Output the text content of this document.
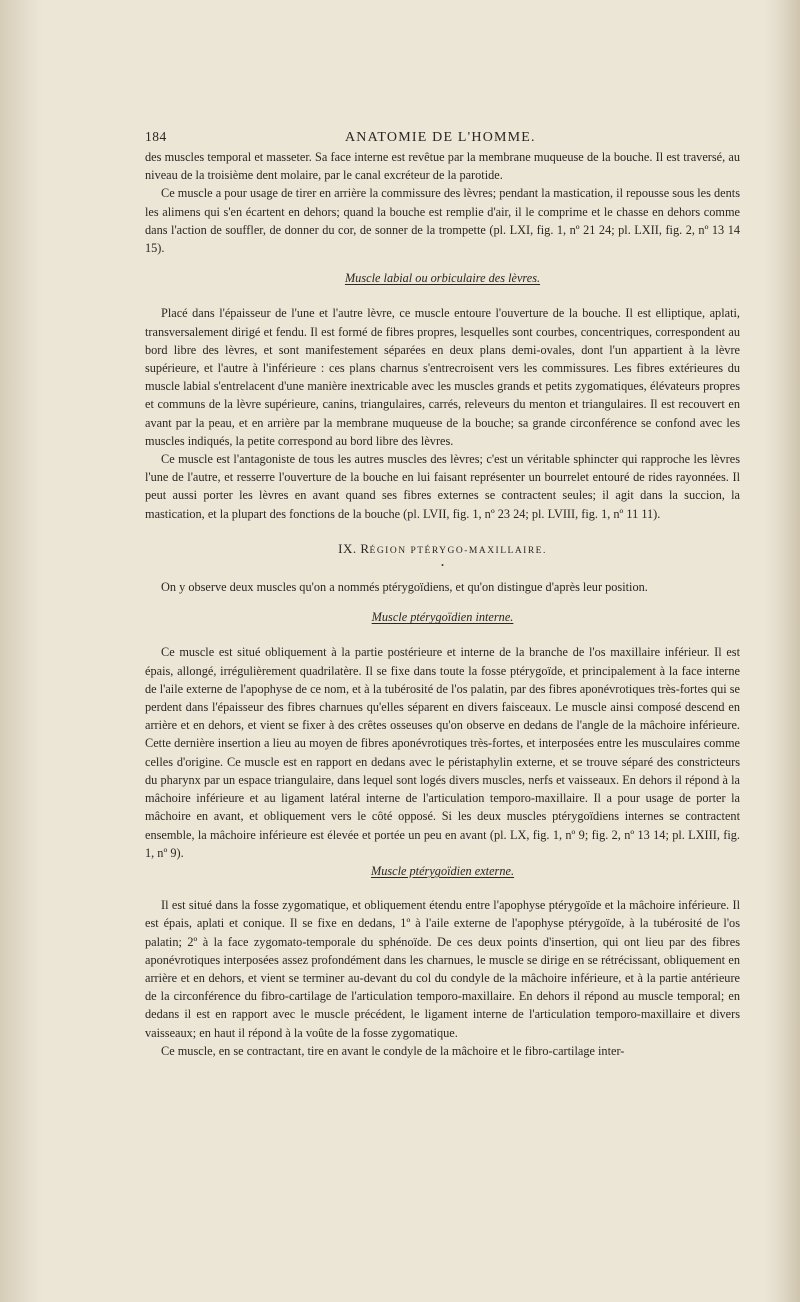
184	ANATOMIE DE L'HOMME.

des muscles temporal et masseter. Sa face interne est revêtue par la membrane muqueuse de la bouche. Il est traversé, au niveau de la troisième dent molaire, par le canal excréteur de la parotide.

Ce muscle a pour usage de tirer en arrière la commissure des lèvres; pendant la mastication, il repousse sous les dents les alimens qui s'en écartent en dehors; quand la bouche est remplie d'air, il le comprime et le chasse en dehors comme dans l'action de souffler, de donner du cor, de sonner de la trompette (pl. LXI, fig. 1, nº 21 24; pl. LXII, fig. 2, nº 13 14 15).

Muscle labial ou orbiculaire des lèvres.

Placé dans l'épaisseur de l'une et l'autre lèvre, ce muscle entoure l'ouverture de la bouche. Il est elliptique, aplati, transversalement dirigé et fendu. Il est formé de fibres propres, lesquelles sont courbes, concentriques, correspondent au bord libre des lèvres, et sont manifestement séparées en deux plans demi-ovales, dont l'un appartient à la lèvre supérieure, et l'autre à l'inférieure : ces plans charnus s'entrecroisent vers les commissures. Les fibres extérieures du muscle labial s'entrelacent d'une manière inextricable avec les muscles grands et petits zygomatiques, élévateurs propres et communs de la lèvre supérieure, canins, triangulaires, carrés, releveurs du menton et triangulaires. Il est recouvert en avant par la peau, et en arrière par la membrane muqueuse de la bouche; sa grande circonférence se confond avec les muscles indiqués, la petite correspond au bord libre des lèvres.

Ce muscle est l'antagoniste de tous les autres muscles des lèvres; c'est un véritable sphincter qui rapproche les lèvres l'une de l'autre, et resserre l'ouverture de la bouche en lui faisant représenter un bourrelet entouré de rides rayonnées. Il peut aussi porter les lèvres en avant quand ses fibres externes se contractent seules; il agit dans la succion, la mastication, et la plupart des fonctions de la bouche (pl. LVII, fig. 1, nº 23 24; pl. LVIII, fig. 1, nº 11 11).

IX. RÉGION PTÉRYGO-MAXILLAIRE.
•

On y observe deux muscles qu'on a nommés ptérygoïdiens, et qu'on distingue d'après leur position.

Muscle ptérygoïdien interne.

Ce muscle est situé obliquement à la partie postérieure et interne de la branche de l'os maxillaire inférieur. Il est épais, allongé, irrégulièrement quadrilatère. Il se fixe dans toute la fosse ptérygoïde, et principalement à la face interne de l'aile externe de l'apophyse de ce nom, et à la tubérosité de l'os palatin, par des fibres aponévrotiques très-fortes qui se perdent dans l'épaisseur des fibres charnues qu'elles séparent en divers faisceaux. Le muscle ainsi composé descend en arrière et en dehors, et vient se fixer à des crêtes osseuses qu'on observe en dedans de l'angle de la mâchoire inférieure. Cette dernière insertion a lieu au moyen de fibres aponévrotiques très-fortes, et interposées entre les musculaires comme celles d'origine. Ce muscle est en rapport en dedans avec le péristaphylin externe, et se trouve séparé des constricteurs du pharynx par un espace triangulaire, dans lequel sont logés divers muscles, nerfs et vaisseaux. En dehors il répond à la mâchoire inférieure et au ligament latéral interne de l'articulation temporo-maxillaire. Il a pour usage de porter la mâchoire en avant, et obliquement vers le côté opposé. Si les deux muscles ptérygoïdiens internes se contractent ensemble, la mâchoire inférieure est élevée et portée un peu en avant (pl. LX, fig. 1, nº 9; fig. 2, nº 13 14; pl. LXIII, fig. 1, nº 9).

Muscle ptérygoïdien externe.

Il est situé dans la fosse zygomatique, et obliquement étendu entre l'apophyse ptérygoïde et la mâchoire inférieure. Il est épais, aplati et conique. Il se fixe en dedans, 1º à l'aile externe de l'apophyse ptérygoïde, à la tubérosité de l'os palatin; 2º à la face zygomato-temporale du sphénoïde. De ces deux points d'insertion, qui ont lieu par des fibres aponévrotiques interposées assez profondément dans les charnues, le muscle se dirige en se rétrécissant, obliquement en arrière et en dehors, et vient se terminer au-devant du col du condyle de la mâchoire inférieure, et à la partie antérieure de la circonférence du fibro-cartilage de l'articulation temporo-maxillaire. En dehors il répond au muscle temporal; en dedans il est en rapport avec le muscle précédent, le ligament interne de l'articulation temporo-maxillaire et divers vaisseaux; en haut il répond à la voûte de la fosse zygomatique.

Ce muscle, en se contractant, tire en avant le condyle de la mâchoire et le fibro-cartilage inter-
